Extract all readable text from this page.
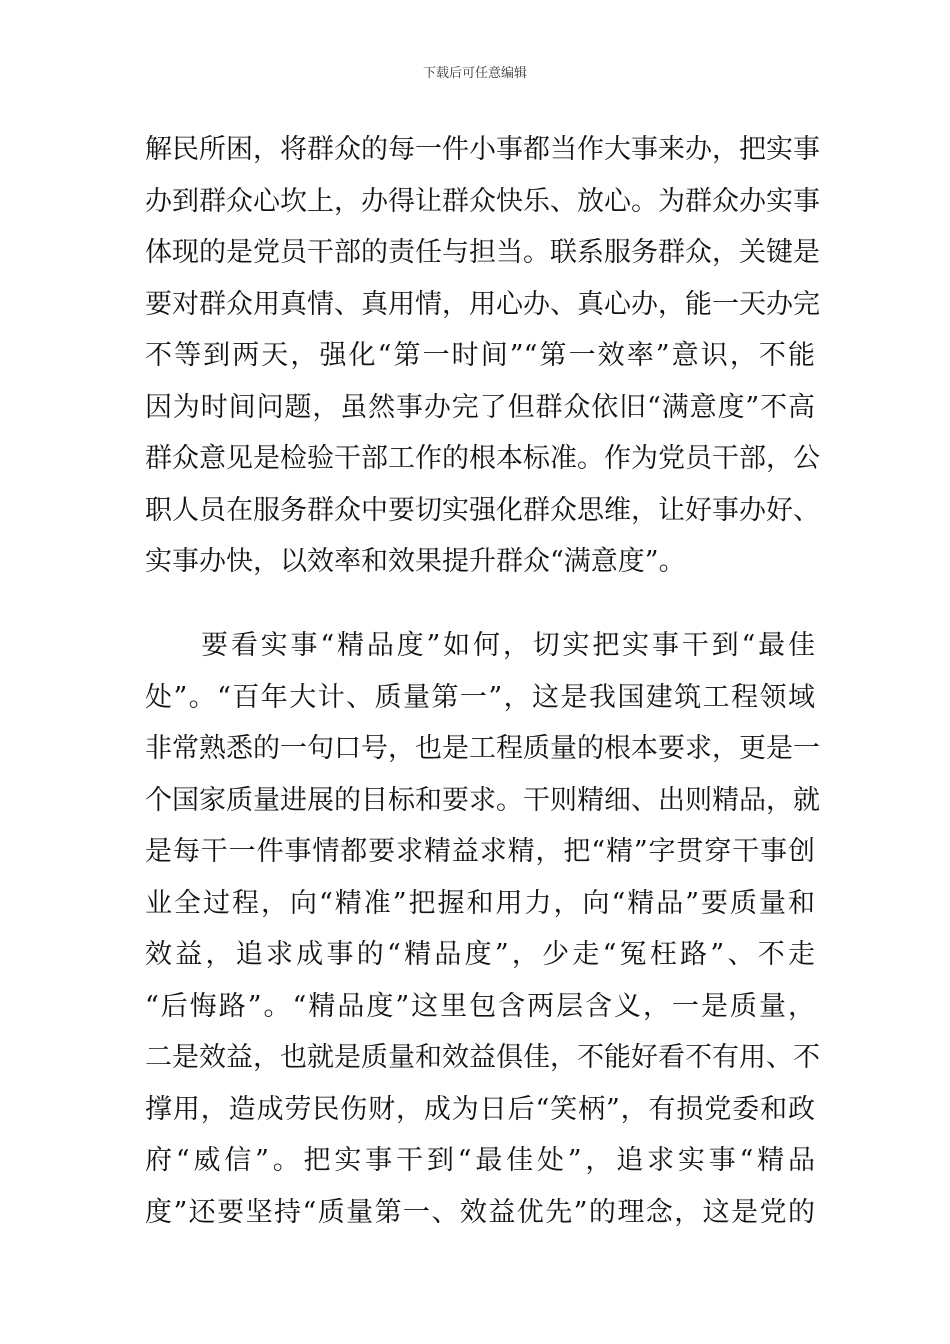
下载后可任意编辑
解民所困，将群众的每一件小事都当作大事来办，把实事
办到群众心坎上，办得让群众快乐、放心。为群众办实事
体现的是党员干部的责任与担当。联系服务群众，关键是
要对群众用真情、真用情，用心办、真心办，能一天办完
不等到两天，强化“第一时间”“第一效率”意识，不能
因为时间问题，虽然事办完了但群众依旧“满意度”不高
群众意见是检验干部工作的根本标准。作为党员干部，公
职人员在服务群众中要切实强化群众思维，让好事办好、
实事办快，以效率和效果提升群众“满意度”。
要看实事“精品度”如何，切实把实事干到“最佳
处”。“百年大计、质量第一”，这是我国建筑工程领域
非常熟悉的一句口号，也是工程质量的根本要求，更是一
个国家质量进展的目标和要求。干则精细、出则精品，就
是每干一件事情都要求精益求精，把“精”字贯穿干事创
业全过程，向“精准”把握和用力，向“精品”要质量和
效益，追求成事的“精品度”，少走“冤枉路”、不走
“后悔路”。“精品度”这里包含两层含义，一是质量，
二是效益，也就是质量和效益俱佳，不能好看不有用、不
撑用，造成劳民伤财，成为日后“笑柄”，有损党委和政
府“威信”。把实事干到“最佳处”，追求实事“精品
度”还要坚持“质量第一、效益优先”的理念，这是党的
